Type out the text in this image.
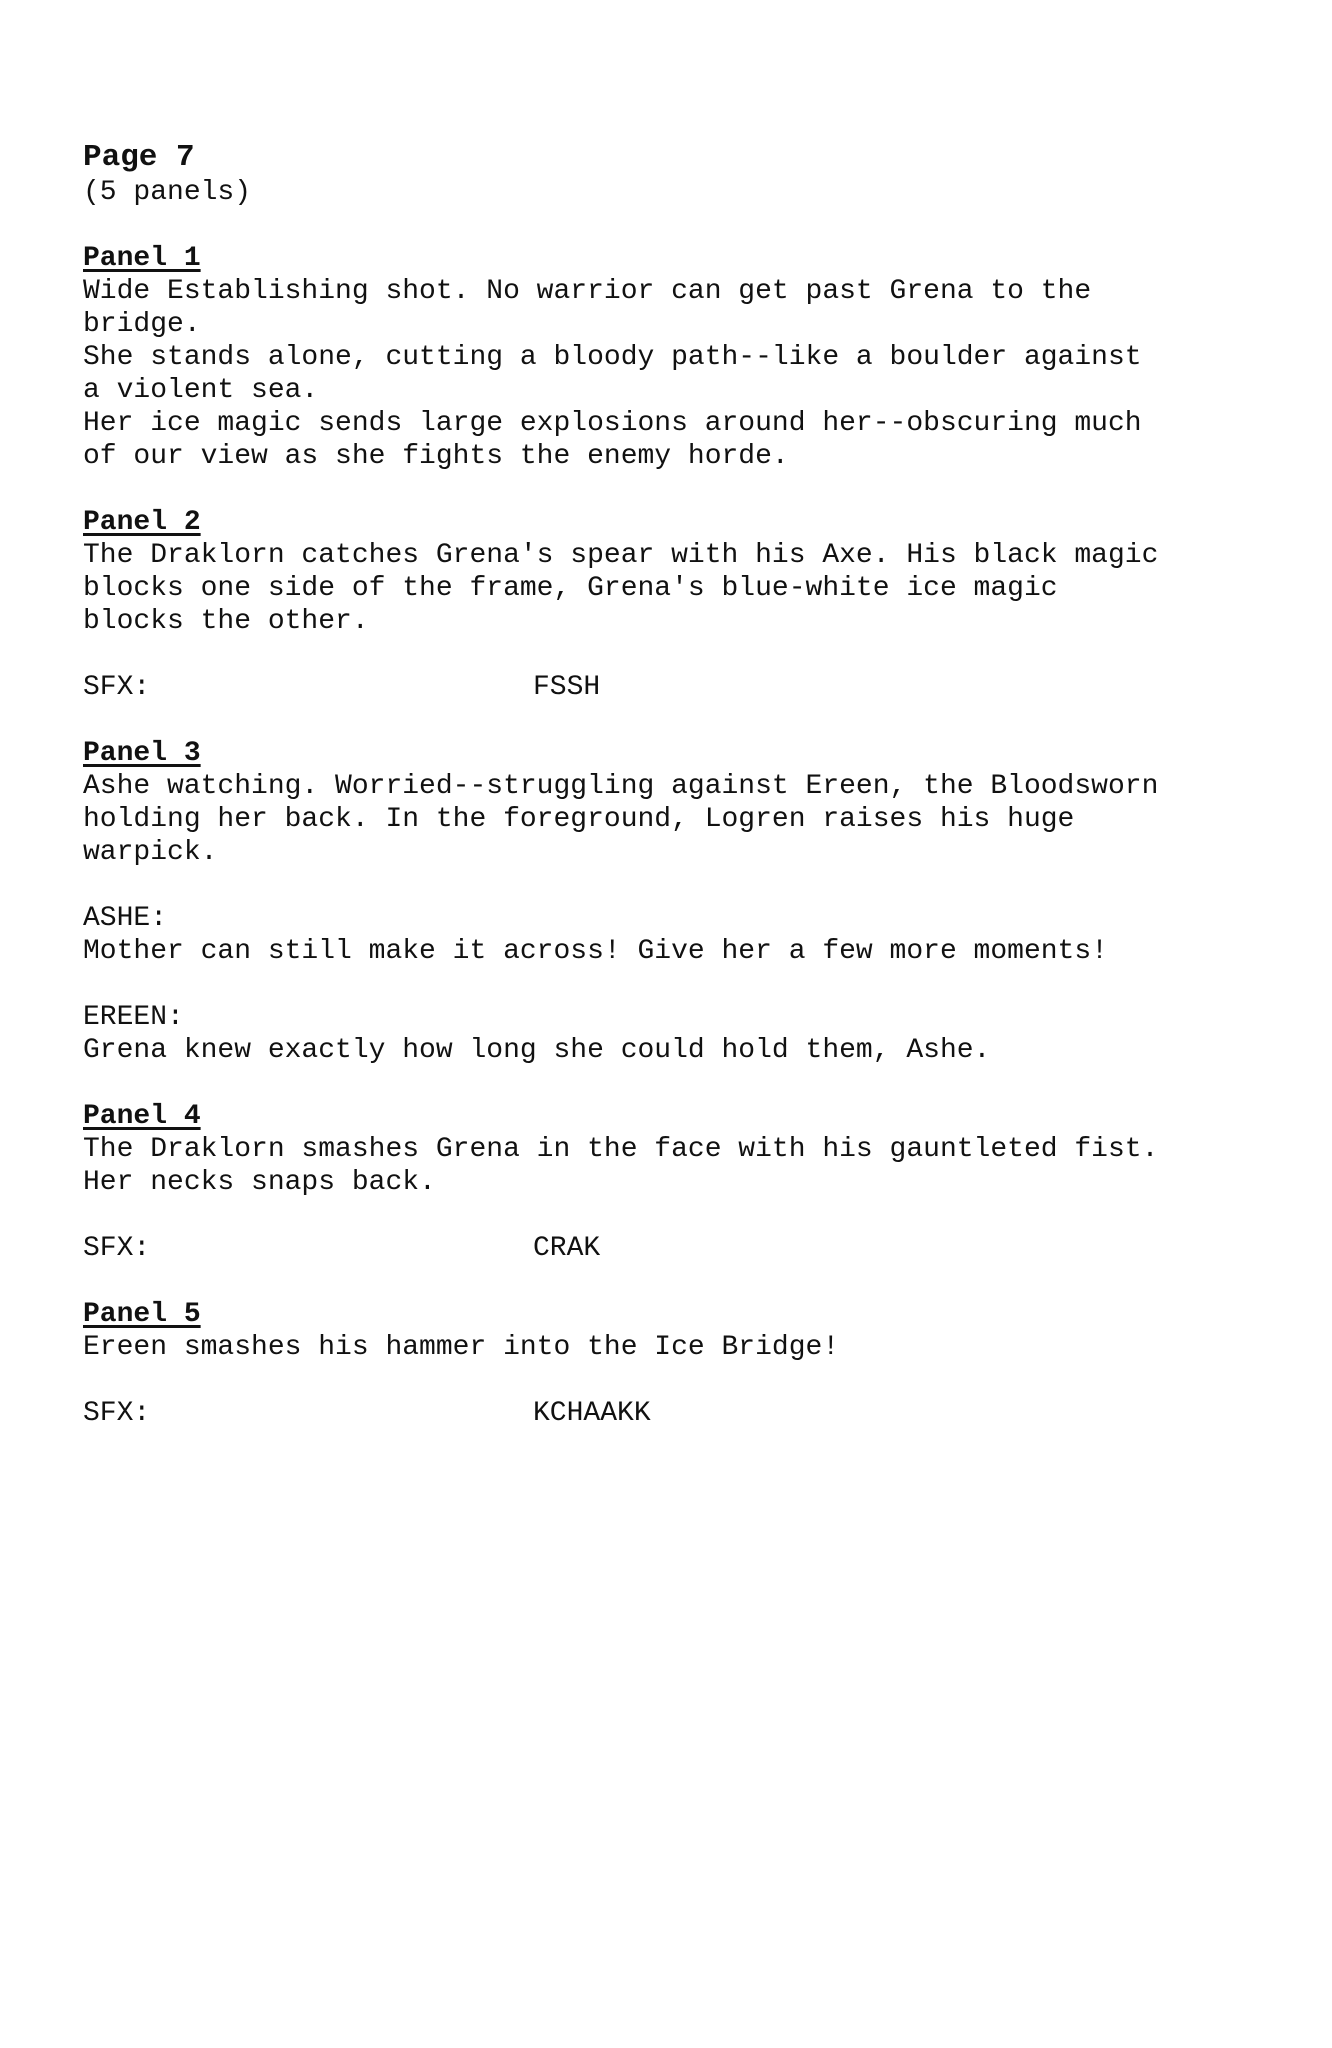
Page 7

(5 panels)

Panel 1

Wide Establishing shot. No warrior can get past Grena to the
bridge.
She stands alone, cutting a bloody path--like a boulder against
a violent sea.
Her ice magic sends large explosions around her--obscuring much
of our view as she fights the enemy horde.

Panel 2

The Draklorn catches Grena's spear with his Axe. His black magic
blocks one side of the frame, Grena's blue-white ice magic
blocks the other.

SFX:	FSSH

Panel 3

Ashe watching. Worried--struggling against Ereen, the Bloodsworn
holding her back. In the foreground, Logren raises his huge
warpick.

ASHE:
Mother can still make it across! Give her a few more moments!
EREEN:
Grena knew exactly how long she could hold them, Ashe.

Panel 4

The Draklorn smashes Grena in the face with his gauntleted fist.
Her necks snaps back.

SFX:	CRAK

Panel 5

Ereen smashes his hammer into the Ice Bridge!

SFX:	KCHAAKK
